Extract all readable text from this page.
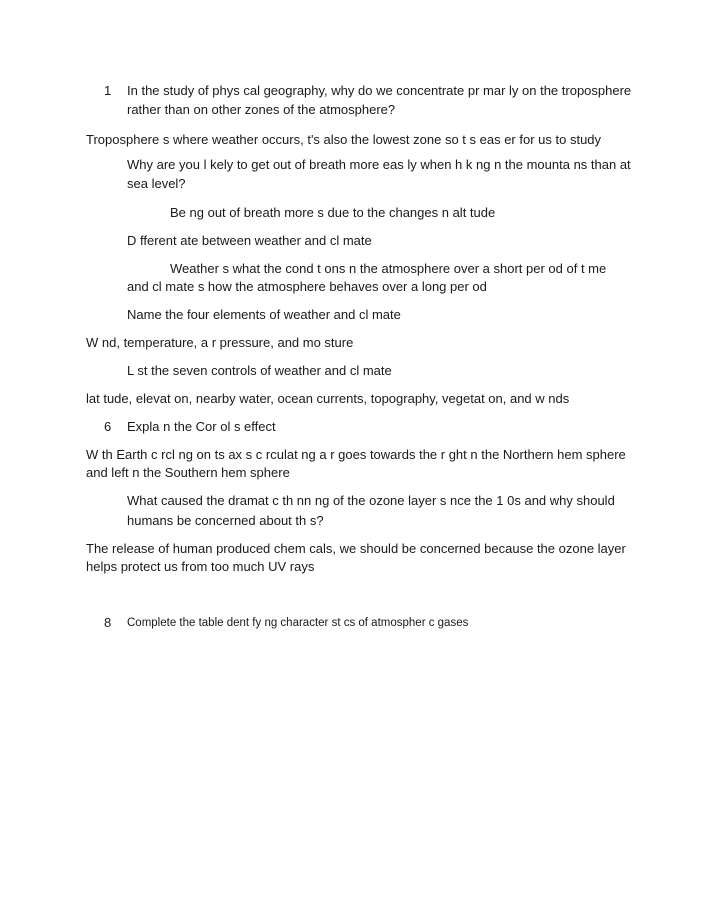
1 In the study of phys cal geography, why do we concentrate pr mar ly on the troposphere
rather than on other zones of the atmosphere?
Troposphere s where weather occurs, t's also the lowest zone so t s eas er for us to study
Why are you l kely to get out of breath more eas ly when h k ng n the mounta ns than at
sea level?
Be ng out of breath more s due to the changes n alt tude
D fferent ate between weather and cl mate
Weather s what the cond t ons n the atmosphere over a short per od of t me
and cl mate s how the atmosphere behaves over a long per od
Name the four elements of weather and cl mate
W nd, temperature, a r pressure, and mo sture
L st the seven controls of weather and cl mate
lat tude, elevat on, nearby water, ocean currents, topography, vegetat on, and w nds
6 Expla n the Cor ol s effect
W th Earth c rcl ng on ts ax s c rculat ng a r goes towards the r ght n the Northern hem sphere
and left n the Southern hem sphere
What caused the dramat c th nn ng of the ozone layer s nce the 1 0s and why should
humans be concerned about th s?
The release of human produced chem cals, we should be concerned because the ozone layer
helps protect us from too much UV rays
8 Complete the table dent fy ng character st cs of atmospher c gases
